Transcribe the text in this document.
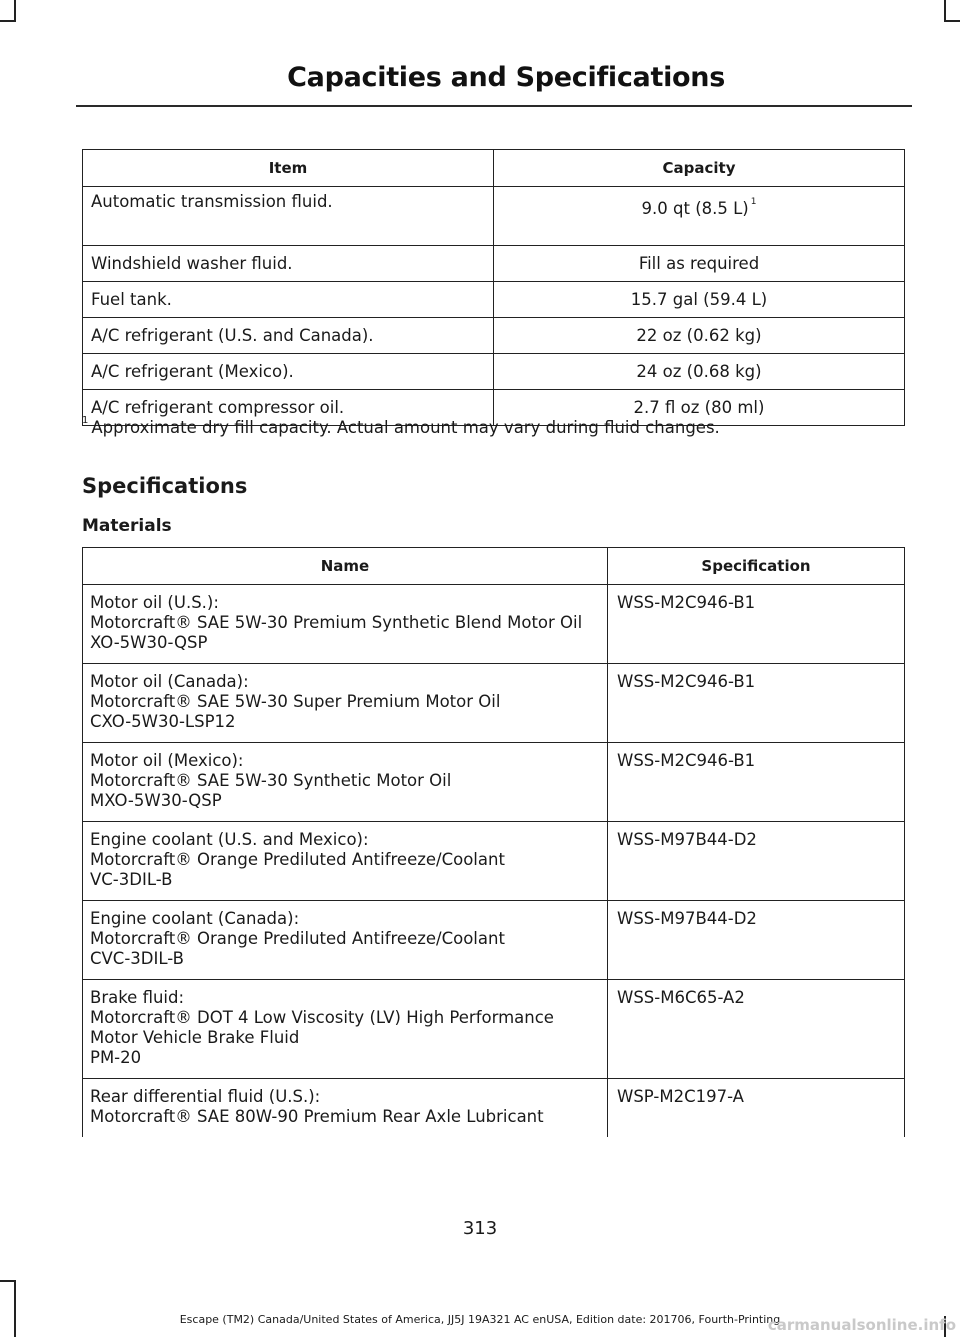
Capacities and Specifications
Item	Capacity
Automatic transmission fluid.	9.0 qt (8.5 L) $^1$
Windshield washer fluid.	Fill as required
Fuel tank.	15.7 gal (59.4 L)
A/C refrigerant (U.S. and Canada).	22 oz (0.62 kg)
A/C refrigerant (Mexico).	24 oz (0.68 kg)
A/C refrigerant compressor oil.	2.7 fl oz (80 ml)

$^1$ Approximate dry fill capacity. Actual amount may vary during fluid changes.

Specifications
Materials
Name	Specification

Motor oil (U.S.):
Motorcraft® SAE 5W-30 Premium Synthetic Blend Motor Oil
XO-5W30-QSP	WSS-M2C946-B1

Motor oil (Canada):
Motorcraft® SAE 5W-30 Super Premium Motor Oil
CXO-5W30-LSP12	WSS-M2C946-B1

Motor oil (Mexico):
Motorcraft® SAE 5W-30 Synthetic Motor Oil
MXO-5W30-QSP	WSS-M2C946-B1

Engine coolant (U.S. and Mexico):
Motorcraft® Orange Prediluted Antifreeze/Coolant
VC-3DIL-B	WSS-M97B44-D2

Engine coolant (Canada):
Motorcraft® Orange Prediluted Antifreeze/Coolant
CVC-3DIL-B	WSS-M97B44-D2

Brake fluid:
Motorcraft® DOT 4 Low Viscosity (LV) High Performance Motor Vehicle Brake Fluid
PM-20	WSS-M6C65-A2

Rear differential fluid (U.S.):
Motorcraft® SAE 80W-90 Premium Rear Axle Lubricant	WSP-M2C197-A

313

Escape (TM2) Canada/United States of America, JJ5J 19A321 AC enUSA, Edition date: 201706, Fourth-Printing

carmanualsonline.info
